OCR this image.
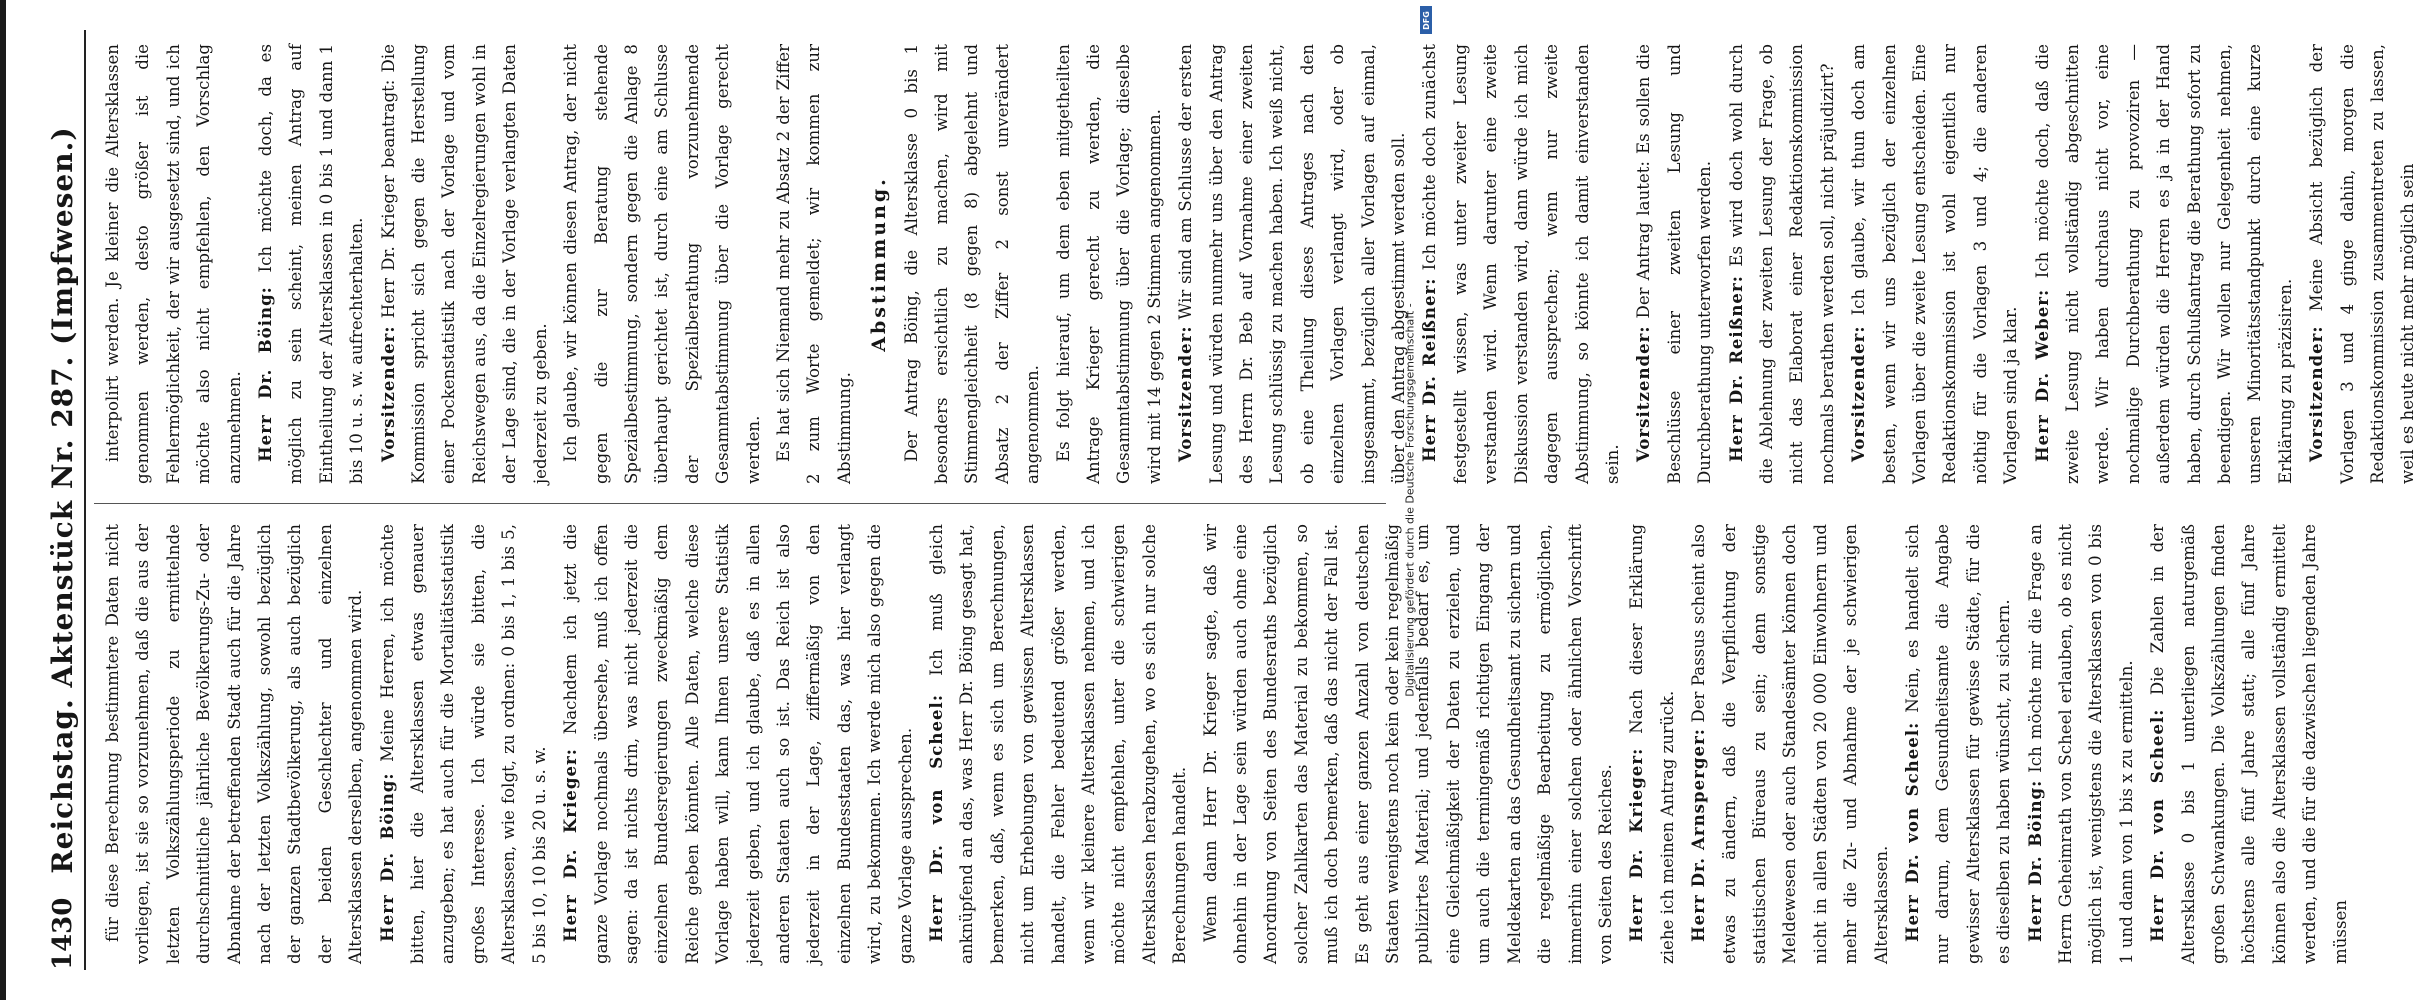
1430
Reichstag. Aktenstück Nr. 287. (Impfwesen.)	für diese Berechnung bestimmtere Daten nicht vorliegen, ist sie so vorzunehmen, daß die aus der letzten Volkszählungsperiode zu ermittelnde durchschnittliche jährliche Bevölkerungs-Zu- oder Abnahme der betreffenden Stadt auch für die Jahre nach der letzten Volkszählung, sowohl bezüglich der ganzen Stadtbevölkerung, als auch bezüglich der beiden Geschlechter und einzelnen Altersklassen derselben, angenommen wird. Herr Dr. Böing: Meine Herren, ich möchte bitten, hier die Altersklassen etwas genauer anzugeben; es hat auch für die Mortalitätsstatistik großes Interesse. Ich würde sie bitten, die Altersklassen, wie folgt, zu ordnen: 0 bis 1, 1 bis 5, 5 bis 10, 10 bis 20 u. s. w. Herr Dr. Krieger: Nachdem ich jetzt die ganze Vorlage nochmals übersehe, muß ich offen sagen: da ist nichts drin, was nicht jederzeit die einzelnen Bundesregierungen zweckmäßig dem Reiche geben könnten. Alle Daten, welche diese Vorlage haben will, kann Ihnen unsere Statistik jederzeit geben, und ich glaube, daß es in allen anderen Staaten auch so ist. Das Reich ist also jederzeit in der Lage, ziffermäßig von den einzelnen Bundesstaaten das, was hier verlangt wird, zu bekommen. Ich werde mich also gegen die ganze Vorlage aussprechen. Herr Dr. von Scheel: Ich muß gleich anknüpfend an das, was Herr Dr. Böing gesagt hat, bemerken, daß, wenn es sich um Berechnungen, nicht um Erhebungen von gewissen Altersklassen handelt, die Fehler bedeutend größer werden, wenn wir kleinere Altersklassen nehmen, und ich möchte nicht empfehlen, unter die schwierigen Altersklassen herabzugehen, wo es sich nur solche Berechnungen handelt. Wenn dann Herr Dr. Krieger sagte, daß wir ohnehin in der Lage sein würden auch ohne eine Anordnung von Seiten des Bundesraths bezüglich solcher Zahlkarten das Material zu bekommen, so muß ich doch bemerken, daß das nicht der Fall ist. Es geht aus einer ganzen Anzahl von deutschen Staaten wenigstens noch kein oder kein regelmäßig publizirtes Material; und jedenfalls bedarf es, um eine Gleichmäßigkeit der Daten zu erzielen, und um auch die termingemäß richtigen Eingang der Meldekarten an das Gesundheitsamt zu sichern und die regelmäßige Bearbeitung zu ermöglichen, immerhin einer solchen oder ähnlichen Vorschrift von Seiten des Reiches. Herr Dr. Krieger: Nach dieser Erklärung ziehe ich meinen Antrag zurück. Herr Dr. Arnsperger: Der Passus scheint also etwas zu ändern, daß die Verpflichtung der statistischen Büreaus zu sein; denn sonstige Meldewesen oder auch Standesämter können doch nicht in allen Städten von 20 000 Einwohnern und mehr die Zu- und Abnahme der je schwierigen Altersklassen. Herr Dr. von Scheel: Nein, es handelt sich nur darum, dem Gesundheitsamte die Angabe gewisser Altersklassen für gewisse Städte, für die es dieselben zu haben wünscht, zu sichern. Herr Dr. Böing: Ich möchte mir die Frage an Herrn Geheimrath von Scheel erlauben, ob es nicht möglich ist, wenigstens die Altersklassen von 0 bis 1 und dann von 1 bis x zu ermitteln. Herr Dr. von Scheel: Die Zahlen in der Altersklasse 0 bis 1 unterliegen naturgemäß großen Schwankungen. Die Volkszählungen finden höchstens alle fünf Jahre statt; alle fünf Jahre können also die Altersklassen vollständig ermittelt werden, und die für die dazwischen liegenden Jahre müssen

interpolirt werden. Je kleiner die Altersklassen genommen werden, desto größer ist die Fehlermöglichkeit, der wir ausgesetzt sind, und ich möchte also nicht empfehlen, den Vorschlag anzunehmen. Herr Dr. Böing: Ich möchte doch, da es möglich zu sein scheint, meinen Antrag auf Eintheilung der Altersklassen in 0 bis 1 und dann 1 bis 10 u. s. w. aufrechterhalten. Vorsitzender: Herr Dr. Krieger beantragt: Die Kommission spricht sich gegen die Herstellung einer Pockenstatistik nach der Vorlage und vom Reichswegen aus, da die Einzelregierungen wohl in der Lage sind, die in der Vorlage verlangten Daten jederzeit zu geben. Ich glaube, wir können diesen Antrag, der nicht gegen die zur Beratung stehende Spezialbestimmung, sondern gegen die Anlage 8 überhaupt gerichtet ist, durch eine am Schlusse der Spezialberathung vorzunehmende Gesammtabstimmung über die Vorlage gerecht werden. Es hat sich Niemand mehr zu Absatz 2 der Ziffer 2 zum Worte gemeldet; wir kommen zur Abstimmung.

Abstimmung. Der Antrag Böing, die Altersklasse 0 bis 1 besonders ersichtlich zu machen, wird mit Stimmengleichheit (8 gegen 8) abgelehnt und Absatz 2 der Ziffer 2 sonst unverändert angenommen. Es folgt hierauf, um dem eben mitgetheilten Antrage Krieger gerecht zu werden, die Gesammtabstimmung über die Vorlage; dieselbe wird mit 14 gegen 2 Stimmen angenommen. Vorsitzender: Wir sind am Schlusse der ersten Lesung und würden nunmehr uns über den Antrag des Herrn Dr. Beb auf Vornahme einer zweiten Lesung schlüssig zu machen haben. Ich weiß nicht, ob eine Theilung dieses Antrages nach den einzelnen Vorlagen verlangt wird, oder ob insgesammt, bezüglich aller Vorlagen auf einmal, über den Antrag abgestimmt werden soll. Herr Dr. Reißner: Ich möchte doch zunächst festgestellt wissen, was unter zweiter Lesung verstanden wird. Wenn darunter eine zweite Diskussion verstanden wird, dann würde ich mich dagegen aussprechen; wenn nur zweite Abstimmung, so könnte ich damit einverstanden sein.

Vorsitzender: Der Antrag lautet: Es sollen die Beschlüsse einer zweiten Lesung und Durchberathung unterworfen werden. Herr Dr. Reißner: Es wird doch wohl durch die Ablehnung der zweiten Lesung der Frage, ob nicht das Elaborat einer Redaktionskommission nochmals berathen werden soll, nicht präjudizirt? Vorsitzender: Ich glaube, wir thun doch am besten, wenn wir uns bezüglich der einzelnen Vorlagen über die zweite Lesung entscheiden. Eine Redaktionskommission ist wohl eigentlich nur nöthig für die Vorlagen 3 und 4; die anderen Vorlagen sind ja klar. Herr Dr. Weber: Ich möchte doch, daß die zweite Lesung nicht vollständig abgeschnitten werde. Wir haben durchaus nicht vor, eine nochmalige Durchberathung zu provoziren — außerdem würden die Herren es ja in der Hand haben, durch Schlußantrag die Berathung sofort zu beendigen. Wir wollen nur Gelegenheit nehmen, unseren Minoritätsstandpunkt durch eine kurze Erklärung zu präzisiren. Vorsitzender: Meine Absicht bezüglich der Vorlagen 3 und 4 ginge dahin, morgen die Redaktionskommission zusammentreten zu lassen, weil es heute nicht mehr möglich sein

Digitalisierung gefördert durch die Deutsche Forschungsgemeinschaft -
DFG
